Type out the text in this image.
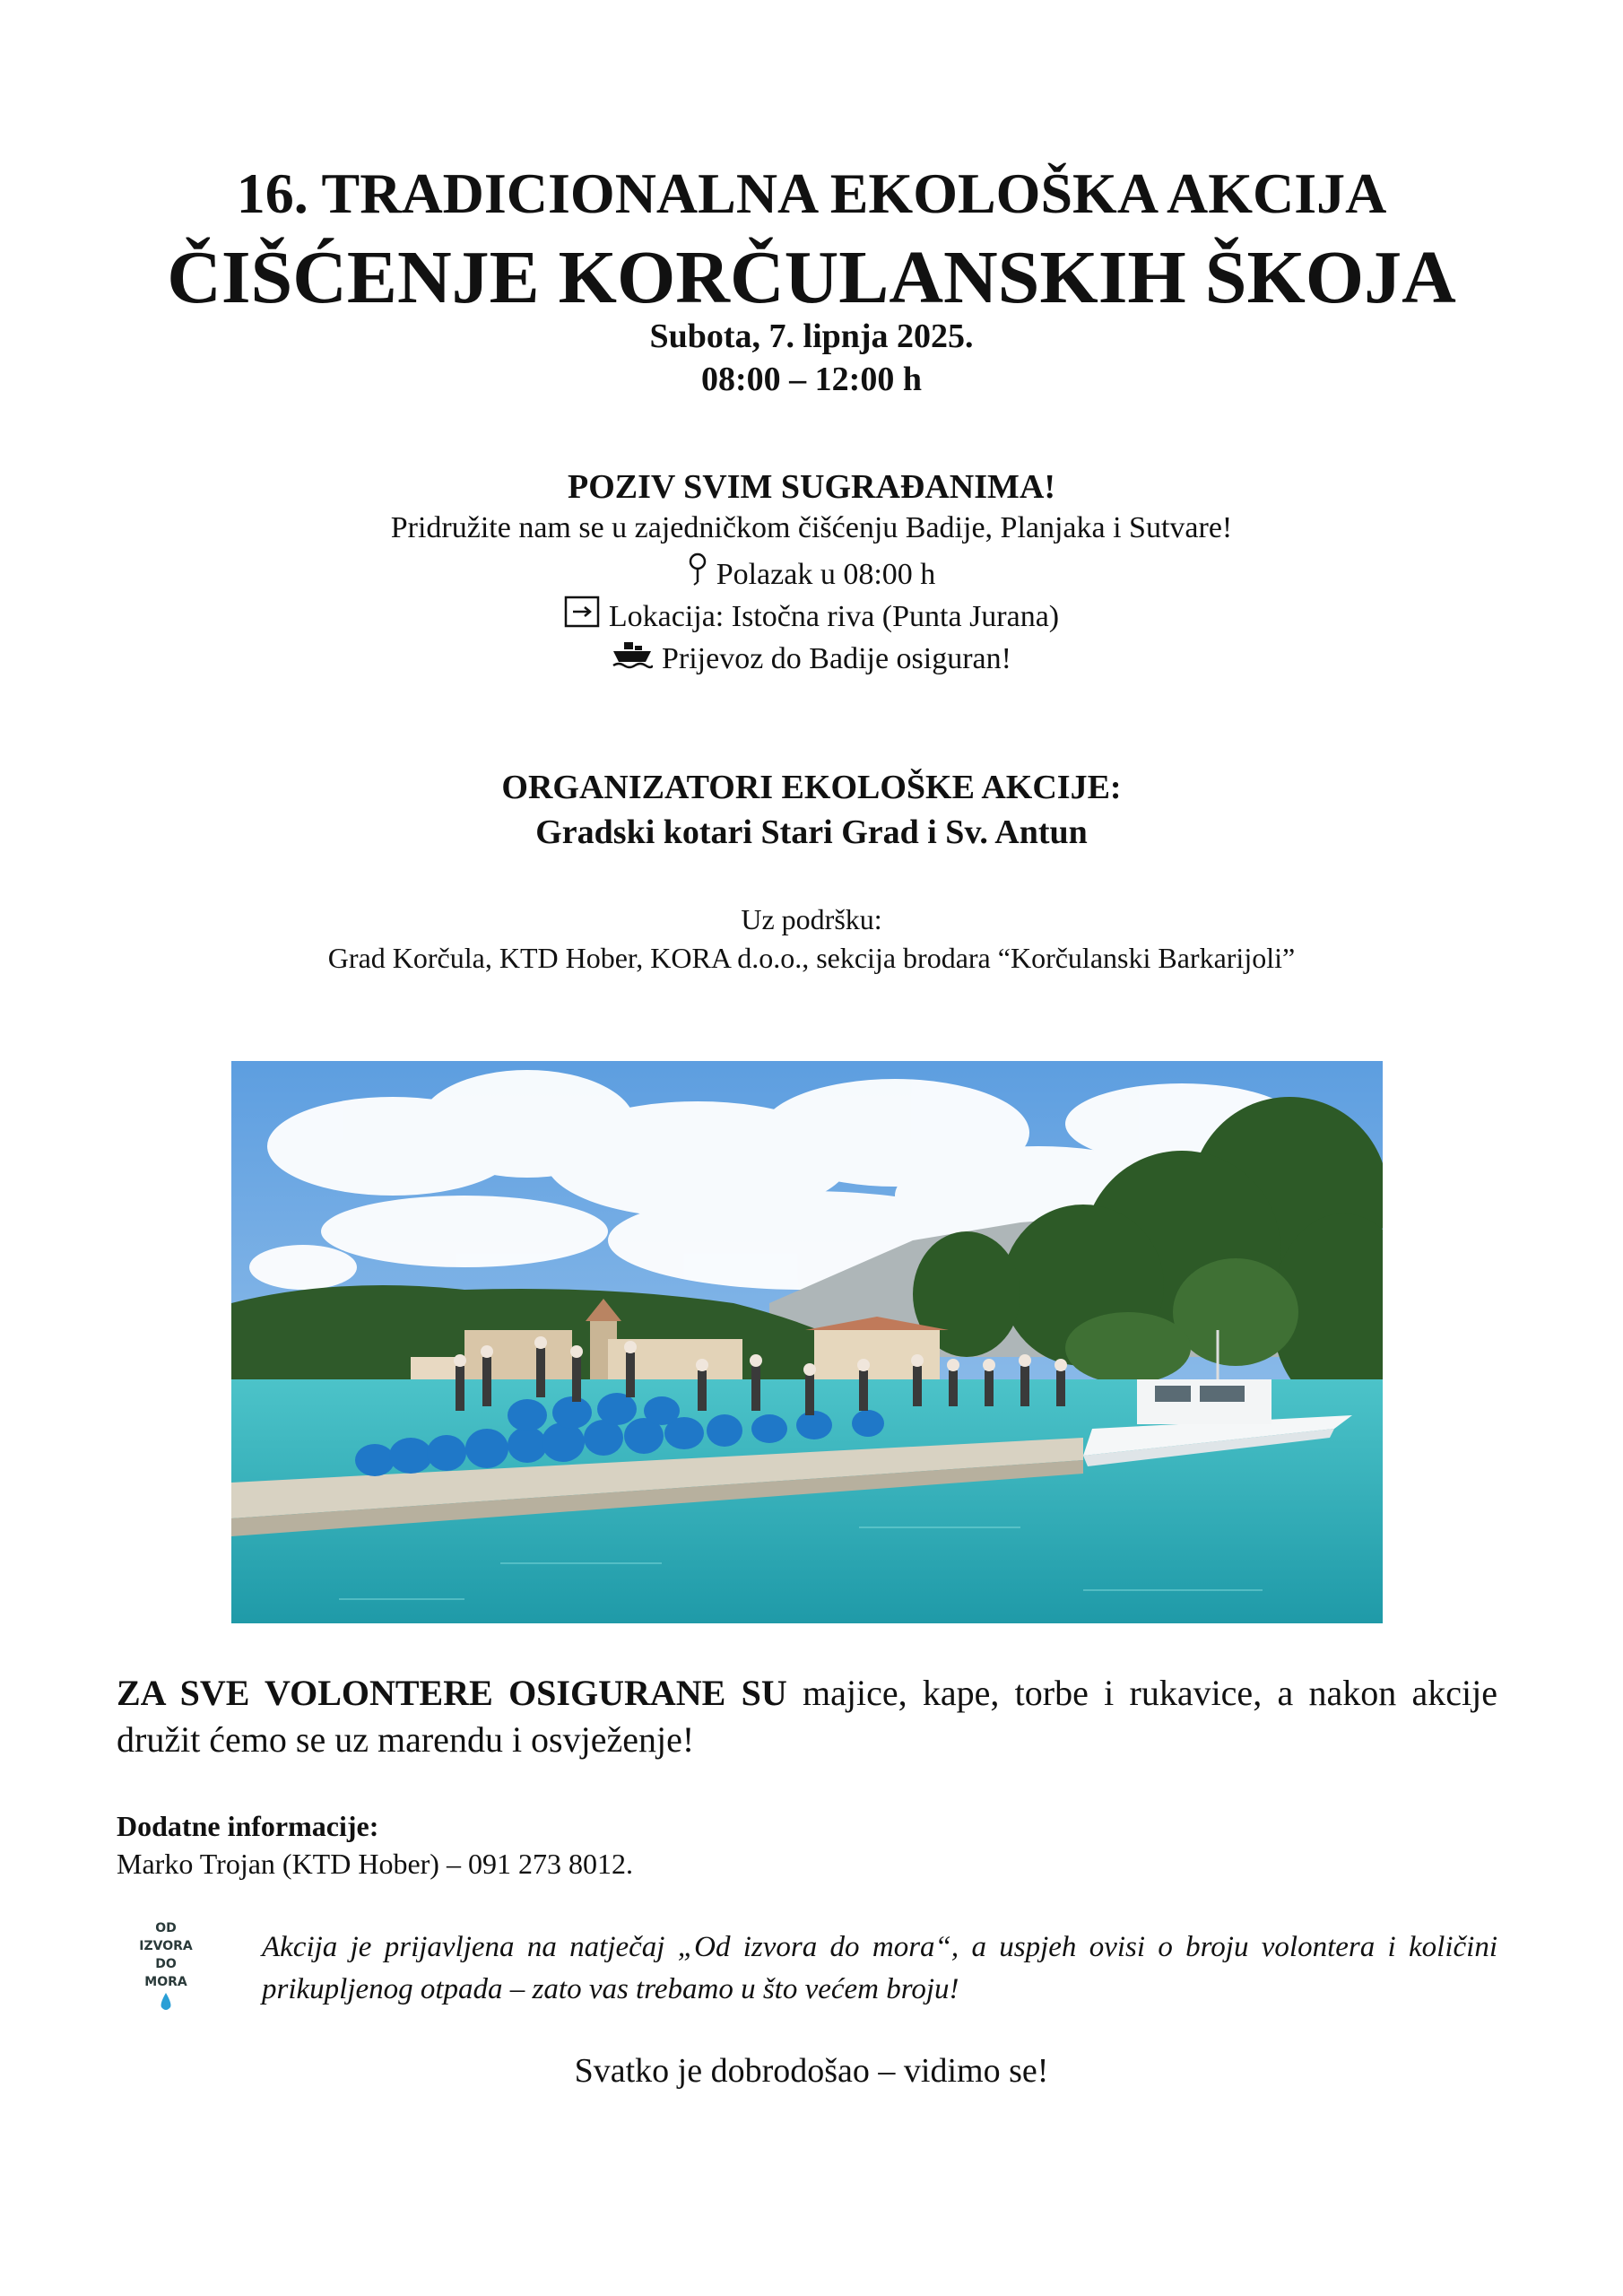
16. TRADICIONALNA EKOLOŠKA AKCIJA
ČIŠĆENJE KORČULANSKIH ŠKOJA
Subota, 7. lipnja 2025.
08:00 – 12:00 h
POZIV SVIM SUGRAĐANIMA!
Pridružite nam se u zajedničkom čišćenju Badije, Planjaka i Sutvare!
Polazak u 08:00 h
Lokacija: Istočna riva (Punta Jurana)
Prijevoz do Badije osiguran!
ORGANIZATORI EKOLOŠKE AKCIJE:
Gradski kotari Stari Grad i Sv. Antun
Uz podršku:
Grad Korčula, KTD Hober, KORA d.o.o., sekcija brodara “Korčulanski Barkarijoli”
ZA SVE VOLONTERE OSIGURANE SU majice, kape, torbe i rukavice, a nakon akcije družit ćemo se uz marendu i osvježenje!
Dodatne informacije:
Marko Trojan (KTD Hober) – 091 273 8012.
OD
IZVORA
DO
MORA
Akcija je prijavljena na natječaj „Od izvora do mora“, a uspjeh ovisi o broju volontera i količini prikupljenog otpada – zato vas trebamo u što većem broju!
Svatko je dobrodošao – vidimo se!
